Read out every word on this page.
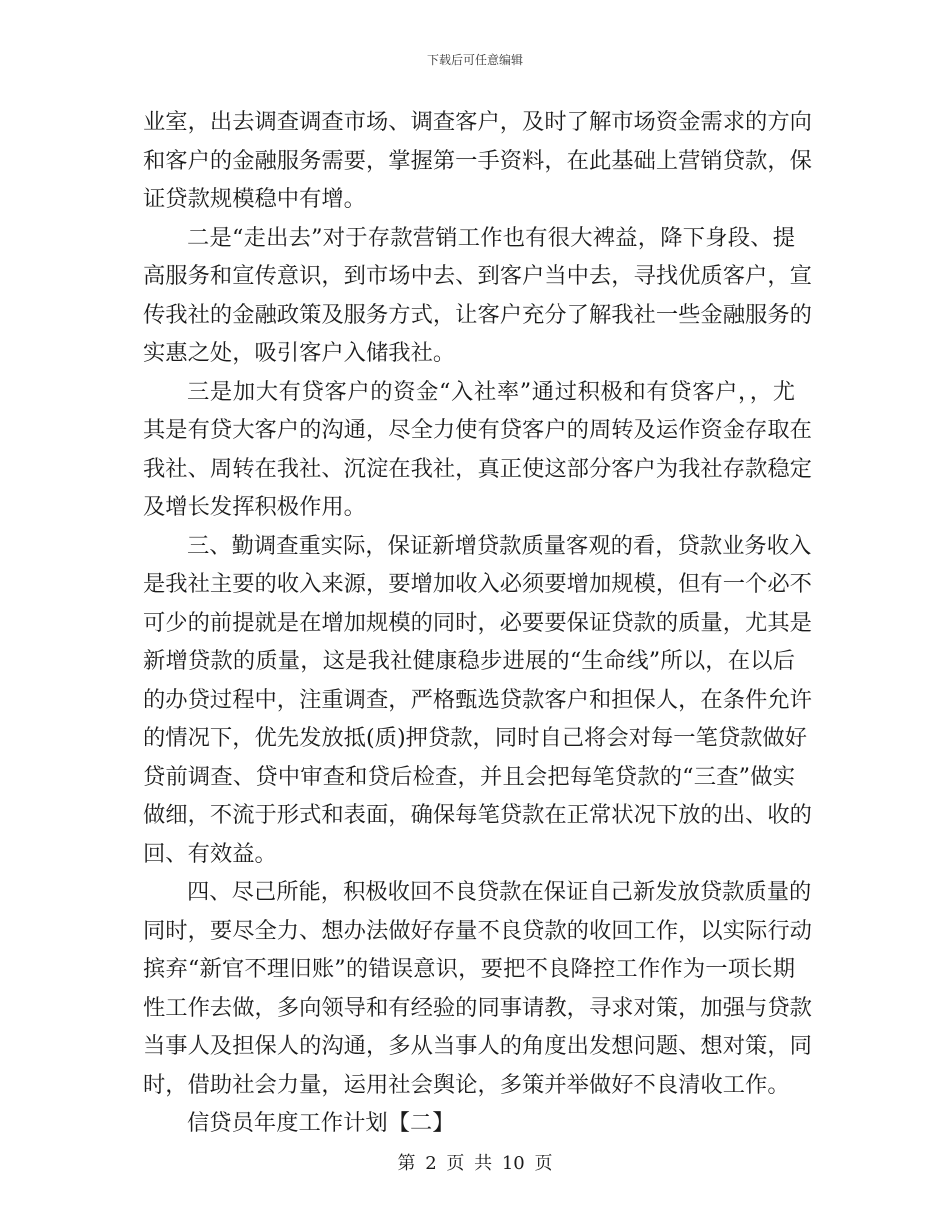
下载后可任意编辑
业室，出去调查调查市场、调查客户，及时了解市场资金需求的方向
和客户的金融服务需要，掌握第一手资料，在此基础上营销贷款，保
证贷款规模稳中有增。
二是“走出去”对于存款营销工作也有很大裨益，降下身段、提
高服务和宣传意识，到市场中去、到客户当中去，寻找优质客户，宣
传我社的金融政策及服务方式，让客户充分了解我社一些金融服务的
实惠之处，吸引客户入储我社。
三是加大有贷客户的资金“入社率”通过积极和有贷客户，，尤
其是有贷大客户的沟通，尽全力使有贷客户的周转及运作资金存取在
我社、周转在我社、沉淀在我社，真正使这部分客户为我社存款稳定
及增长发挥积极作用。
三、勤调查重实际，保证新增贷款质量客观的看，贷款业务收入
是我社主要的收入来源，要增加收入必须要增加规模，但有一个必不
可少的前提就是在增加规模的同时，必要要保证贷款的质量，尤其是
新增贷款的质量，这是我社健康稳步进展的“生命线”所以，在以后
的办贷过程中，注重调查，严格甄选贷款客户和担保人，在条件允许
的情况下，优先发放抵(质)押贷款，同时自己将会对每一笔贷款做好
贷前调查、贷中审查和贷后检查，并且会把每笔贷款的“三查”做实
做细，不流于形式和表面，确保每笔贷款在正常状况下放的出、收的
回、有效益。
四、尽己所能，积极收回不良贷款在保证自己新发放贷款质量的
同时，要尽全力、想办法做好存量不良贷款的收回工作，以实际行动
摈弃“新官不理旧账”的错误意识，要把不良降控工作作为一项长期
性工作去做，多向领导和有经验的同事请教，寻求对策，加强与贷款
当事人及担保人的沟通，多从当事人的角度出发想问题、想对策，同
时，借助社会力量，运用社会舆论，多策并举做好不良清收工作。
信贷员年度工作计划【二】
第 2 页 共 10 页
